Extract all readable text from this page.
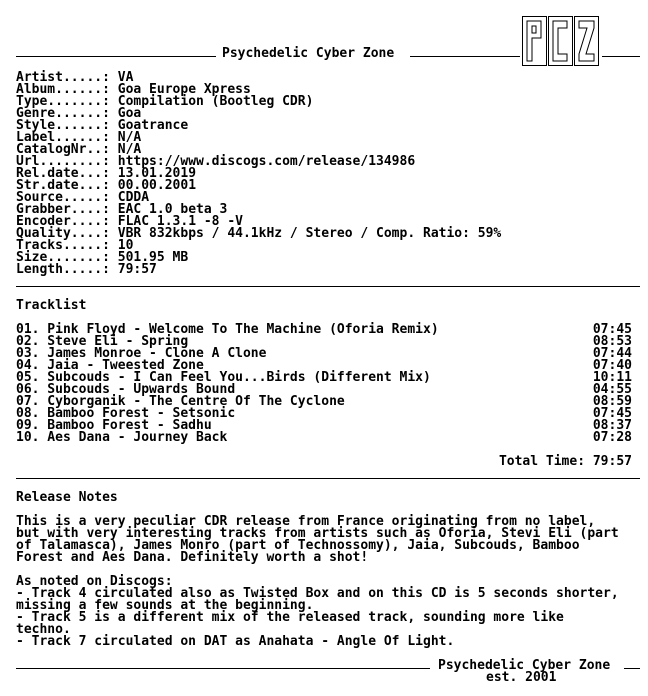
Psychedelic Cyber Zone
Artist.....: VA
Album......: Goa Europe Xpress
Type.......: Compilation (Bootleg CDR)
Genre......: Goa
Style......: Goatrance
Label......: N/A
CatalogNr..: N/A
Url........: https://www.discogs.com/release/134986
Rel.date...: 13.01.2019
Str.date...: 00.00.2001
Source.....: CDDA
Grabber....: EAC 1.0 beta 3
Encoder....: FLAC 1.3.1 -8 -V
Quality....: VBR 832kbps / 44.1kHz / Stereo / Comp. Ratio: 59%
Tracks.....: 10
Size.......: 501.95 MB
Length.....: 79:57
Tracklist
01. Pink Floyd - Welcome To The Machine (Oforia Remix)	07:45
02. Steve Eli - Spring	08:53
03. James Monroe - Clone A Clone	07:44
04. Jaia - Tweested Zone	07:40
05. Subcouds - I Can Feel You...Birds (Different Mix)	10:11
06. Subcouds - Upwards Bound	04:55
07. Cyborganik - The Centre Of The Cyclone	08:59
08. Bamboo Forest - Setsonic	07:45
09. Bamboo Forest - Sadhu	08:37
10. Aes Dana - Journey Back	07:28
Total Time: 79:57
Release Notes
This is a very peculiar CDR release from France originating from no label,
but with very interesting tracks from artists such as Oforia, Stevi Eli (part
of Talamasca), James Monro (part of Technossomy), Jaia, Subcouds, Bamboo
Forest and Aes Dana. Definitely worth a shot!
As noted on Discogs:
- Track 4 circulated also as Twisted Box and on this CD is 5 seconds shorter,
missing a few sounds at the beginning.
- Track 5 is a different mix of the released track, sounding more like
techno.
- Track 7 circulated on DAT as Anahata - Angle Of Light.
Psychedelic Cyber Zone
est. 2001
